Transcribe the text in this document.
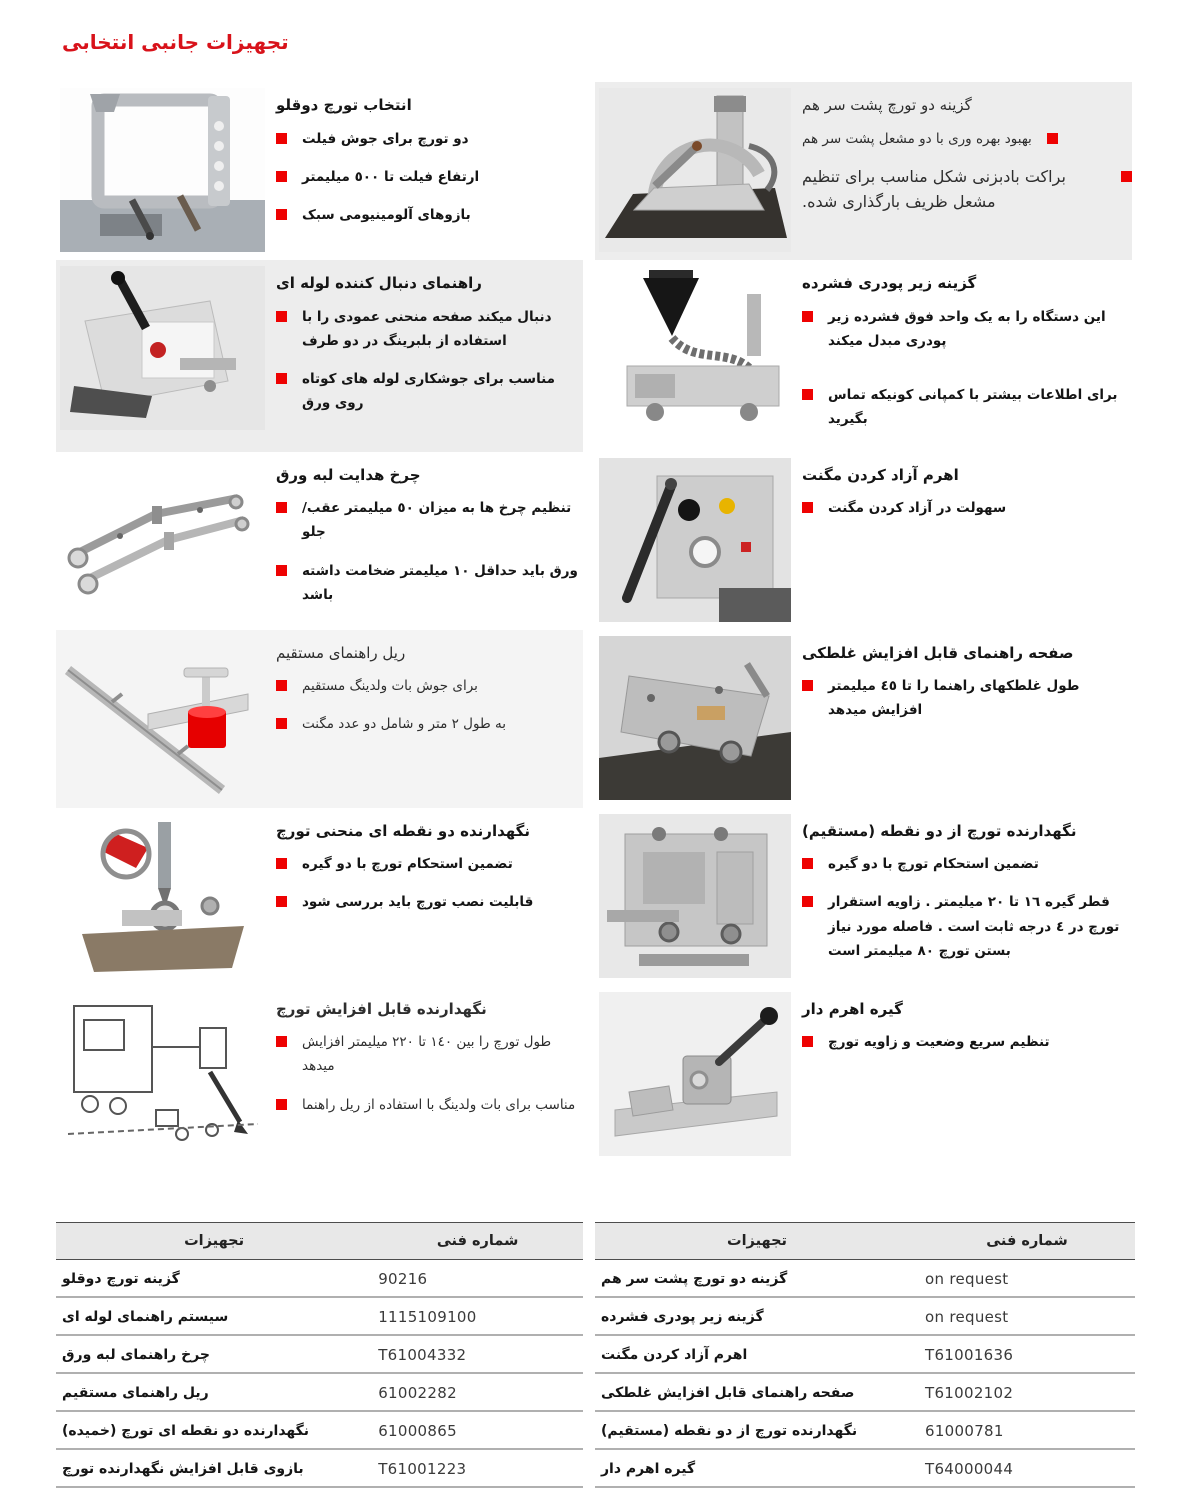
تجهیزات جانبی انتخابی
انتخاب تورچ دوقلو
دو تورچ برای جوش فیلت
ارتفاع فیلت تا ٥٠٠ میلیمتر
بازوهای آلومینیومی سبک
گزینه دو تورچ پشت سر هم
بهبود بهره وری با دو مشعل پشت سر هم
براکت بادبزنی شکل مناسب برای تنظیم مشعل ظریف بارگذاری شده.
راهنمای دنبال کننده لوله ای
دنبال میکند صفحه منحنی عمودی را با استفاده از بلبرینگ در دو طرف
مناسب برای جوشکاری لوله های کوتاه روی ورق
گزینه زیر پودری فشرده
این دستگاه را به یک واحد فوق فشرده زیر پودری مبدل میکند
برای اطلاعات بیشتر با کمپانی کونیکه تماس بگیرید
چرخ هدایت لبه ورق
تنظیم چرخ ها به میزان ٥٠ میلیمتر عقب/جلو
ورق باید حداقل ١٠ میلیمتر ضخامت داشته باشد
اهرم آزاد کردن مگنت
سهولت در آزاد کردن مگنت
ریل راهنمای مستقیم
برای جوش بات ولدینگ مستقیم
به طول ٢ متر و شامل دو عدد مگنت
صفحه راهنمای قابل افزایش غلطکی
طول غلطکهای راهنما را تا ٤٥ میلیمتر افزایش میدهد
نگهدارنده دو نقطه ای منحنی تورچ
تضمین استحکام تورچ با دو گیره
قابلیت نصب تورچ باید بررسی شود
نگهدارنده تورچ از دو نقطه (مستقیم)
تضمین استحکام تورچ با دو گیره
قطر گیره ١٦ تا ٢٠ میلیمتر . زاویه استقرار تورچ در ٤ درجه ثابت است . فاصله مورد نیاز بستن تورچ ٨٠ میلیمتر است
نگهدارنده قابل افزایش تورچ
طول تورچ را بین ١٤٠ تا ٢٢٠ میلیمتر افزایش میدهد
مناسب برای بات ولدینگ با استفاده از ریل راهنما
گیره اهرم دار
تنظیم سریع وضعیت و زاویه تورچ
تجهیزات	شماره فنی
گزینه تورچ دوقلو	90216
سیستم راهنمای لوله ای	1115109100
چرخ راهنمای لبه ورق	T61004332
ریل راهنمای مستقیم	61002282
نگهدارنده دو نقطه ای تورچ (خمیده)	61000865
بازوی قابل افزایش نگهدارنده تورچ	T61001223
تجهیزات	شماره فنی
گزینه دو تورچ پشت سر هم	on request
گزینه زیر پودری فشرده	on request
اهرم آزاد کردن مگنت	T61001636
صفحه راهنمای قابل افزایش غلطکی	T61002102
نگهدارنده تورچ از دو نقطه (مستقیم)	61000781
گیره اهرم دار	T64000044
